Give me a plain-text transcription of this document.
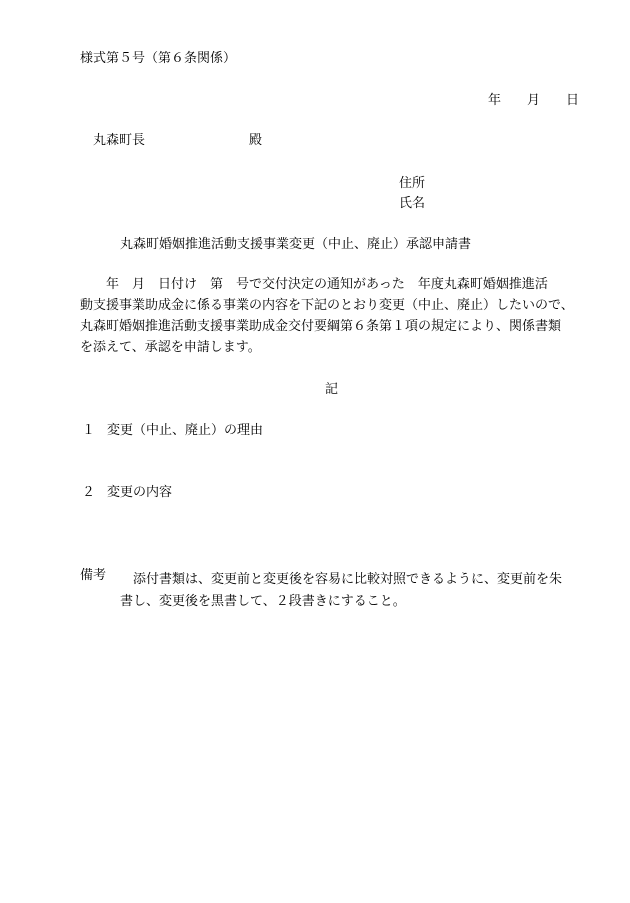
様式第５号（第６条関係）
年 月 日
丸森町長	殿
住所
氏名
丸森町婚姻推進活動支援事業変更（中止、廃止）承認申請書
　　年　月　日付け　第　号で交付決定の通知があった　年度丸森町婚姻推進活
動支援事業助成金に係る事業の内容を下記のとおり変更（中止、廃止）したいので、
丸森町婚姻推進活動支援事業助成金交付要綱第６条第１項の規定により、関係書類
を添えて、承認を申請します。
記
１ 変更（中止、廃止）の理由
２ 変更の内容
備考 添付書類は、変更前と変更後を容易に比較対照できるように、変更前を朱
書し、変更後を黒書して、２段書きにすること。
